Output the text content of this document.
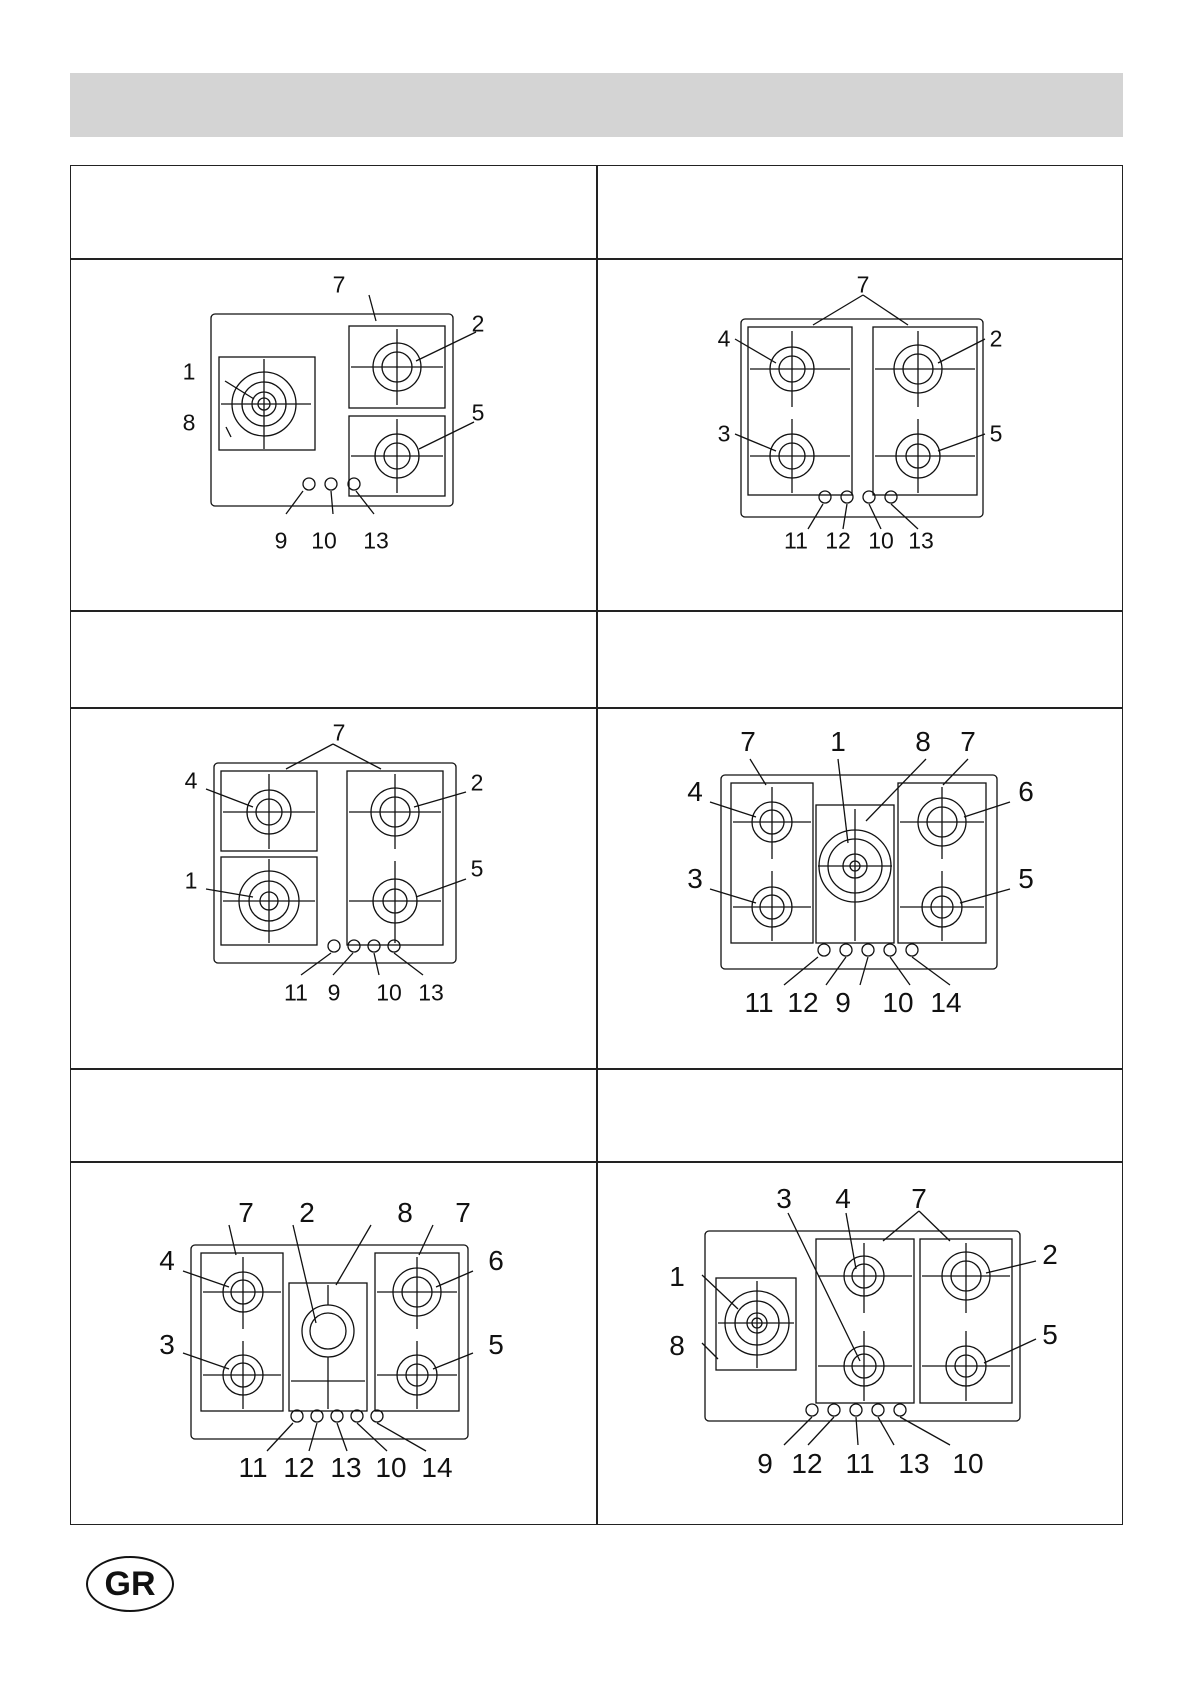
7
1
8
2
5
9 10 13
7
4
3
2
5
11 12 10 13
7
4
1
2
5
11 9 10 13
7	1 8 7
4
3
6
5
11 12 9 10 14
7 2	8 7
4
3
6
5
11 12 13 10 14
3 4 7
1
8
2
5
9 12 11 13 10
GR
